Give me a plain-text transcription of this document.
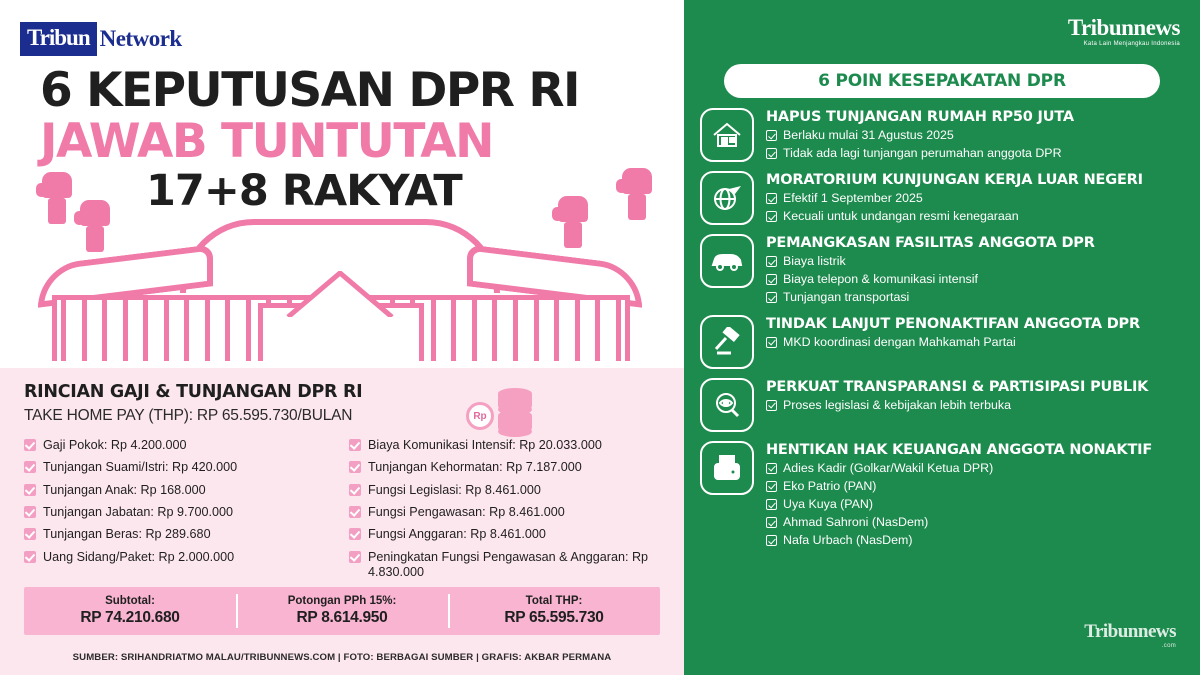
Tribun Network
6 KEPUTUSAN DPR RI
JAWAB TUNTUTAN
17+8 RAKYAT
RINCIAN GAJI & TUNJANGAN DPR RI
TAKE HOME PAY (THP): RP 65.595.730/BULAN	Rp
Gaji Pokok: Rp 4.200.000
Tunjangan Suami/Istri: Rp 420.000
Tunjangan Anak: Rp 168.000
Tunjangan Jabatan: Rp 9.700.000
Tunjangan Beras: Rp 289.680
Uang Sidang/Paket: Rp 2.000.000
Biaya Komunikasi Intensif: Rp 20.033.000
Tunjangan Kehormatan: Rp 7.187.000
Fungsi Legislasi: Rp 8.461.000
Fungsi Pengawasan: Rp 8.461.000
Fungsi Anggaran: Rp 8.461.000
Peningkatan Fungsi Pengawasan & Anggaran: Rp 4.830.000
Subtotal:
RP 74.210.680
Potongan PPh 15%:
RP 8.614.950
Total THP:
RP 65.595.730
SUMBER: SRIHANDRIATMO MALAU/TRIBUNNEWS.COM | FOTO: BERBAGAI SUMBER | GRAFIS: AKBAR PERMANA
Tribunnews
Kata Lain Menjangkau Indonesia
6 POIN KESEPAKATAN DPR
HAPUS TUNJANGAN RUMAH RP50 JUTA
Berlaku mulai 31 Agustus 2025
Tidak ada lagi tunjangan perumahan anggota DPR
MORATORIUM KUNJUNGAN KERJA LUAR NEGERI
Efektif 1 September 2025
Kecuali untuk undangan resmi kenegaraan
PEMANGKASAN FASILITAS ANGGOTA DPR
Biaya listrik
Biaya telepon & komunikasi intensif
Tunjangan transportasi
TINDAK LANJUT PENONAKTIFAN ANGGOTA DPR
MKD koordinasi dengan Mahkamah Partai
PERKUAT TRANSPARANSI & PARTISIPASI PUBLIK
Proses legislasi & kebijakan lebih terbuka
HENTIKAN HAK KEUANGAN ANGGOTA NONAKTIF
Adies Kadir (Golkar/Wakil Ketua DPR)
Eko Patrio (PAN)
Uya Kuya (PAN)
Ahmad Sahroni (NasDem)
Nafa Urbach (NasDem)
Tribunnews
.com
